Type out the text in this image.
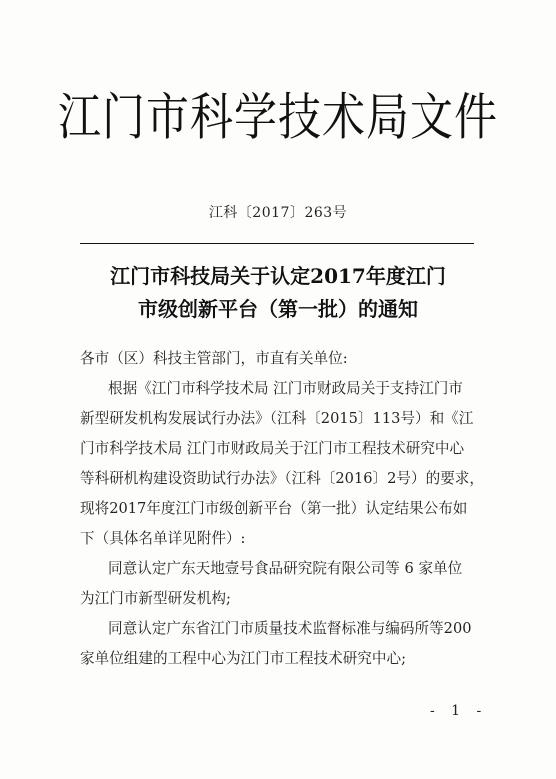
江门市科学技术局文件
江科〔2017〕263号
江门市科技局关于认定2017年度江门
市级创新平台（第一批）的通知
各市（区）科技主管部门，市直有关单位:
根据《江门市科学技术局 江门市财政局关于支持江门市
新型研发机构发展试行办法》（江科〔2015〕113号）和《江
门市科学技术局 江门市财政局关于江门市工程技术研究中心
等科研机构建设资助试行办法》（江科〔2016〕2号）的要求，
现将2017年度江门市级创新平台（第一批）认定结果公布如
下（具体名单详见附件）:
同意认定广东天地壹号食品研究院有限公司等 6 家单位
为江门市新型研发机构;
同意认定广东省江门市质量技术监督标准与编码所等200
家单位组建的工程中心为江门市工程技术研究中心;
- 1 -
